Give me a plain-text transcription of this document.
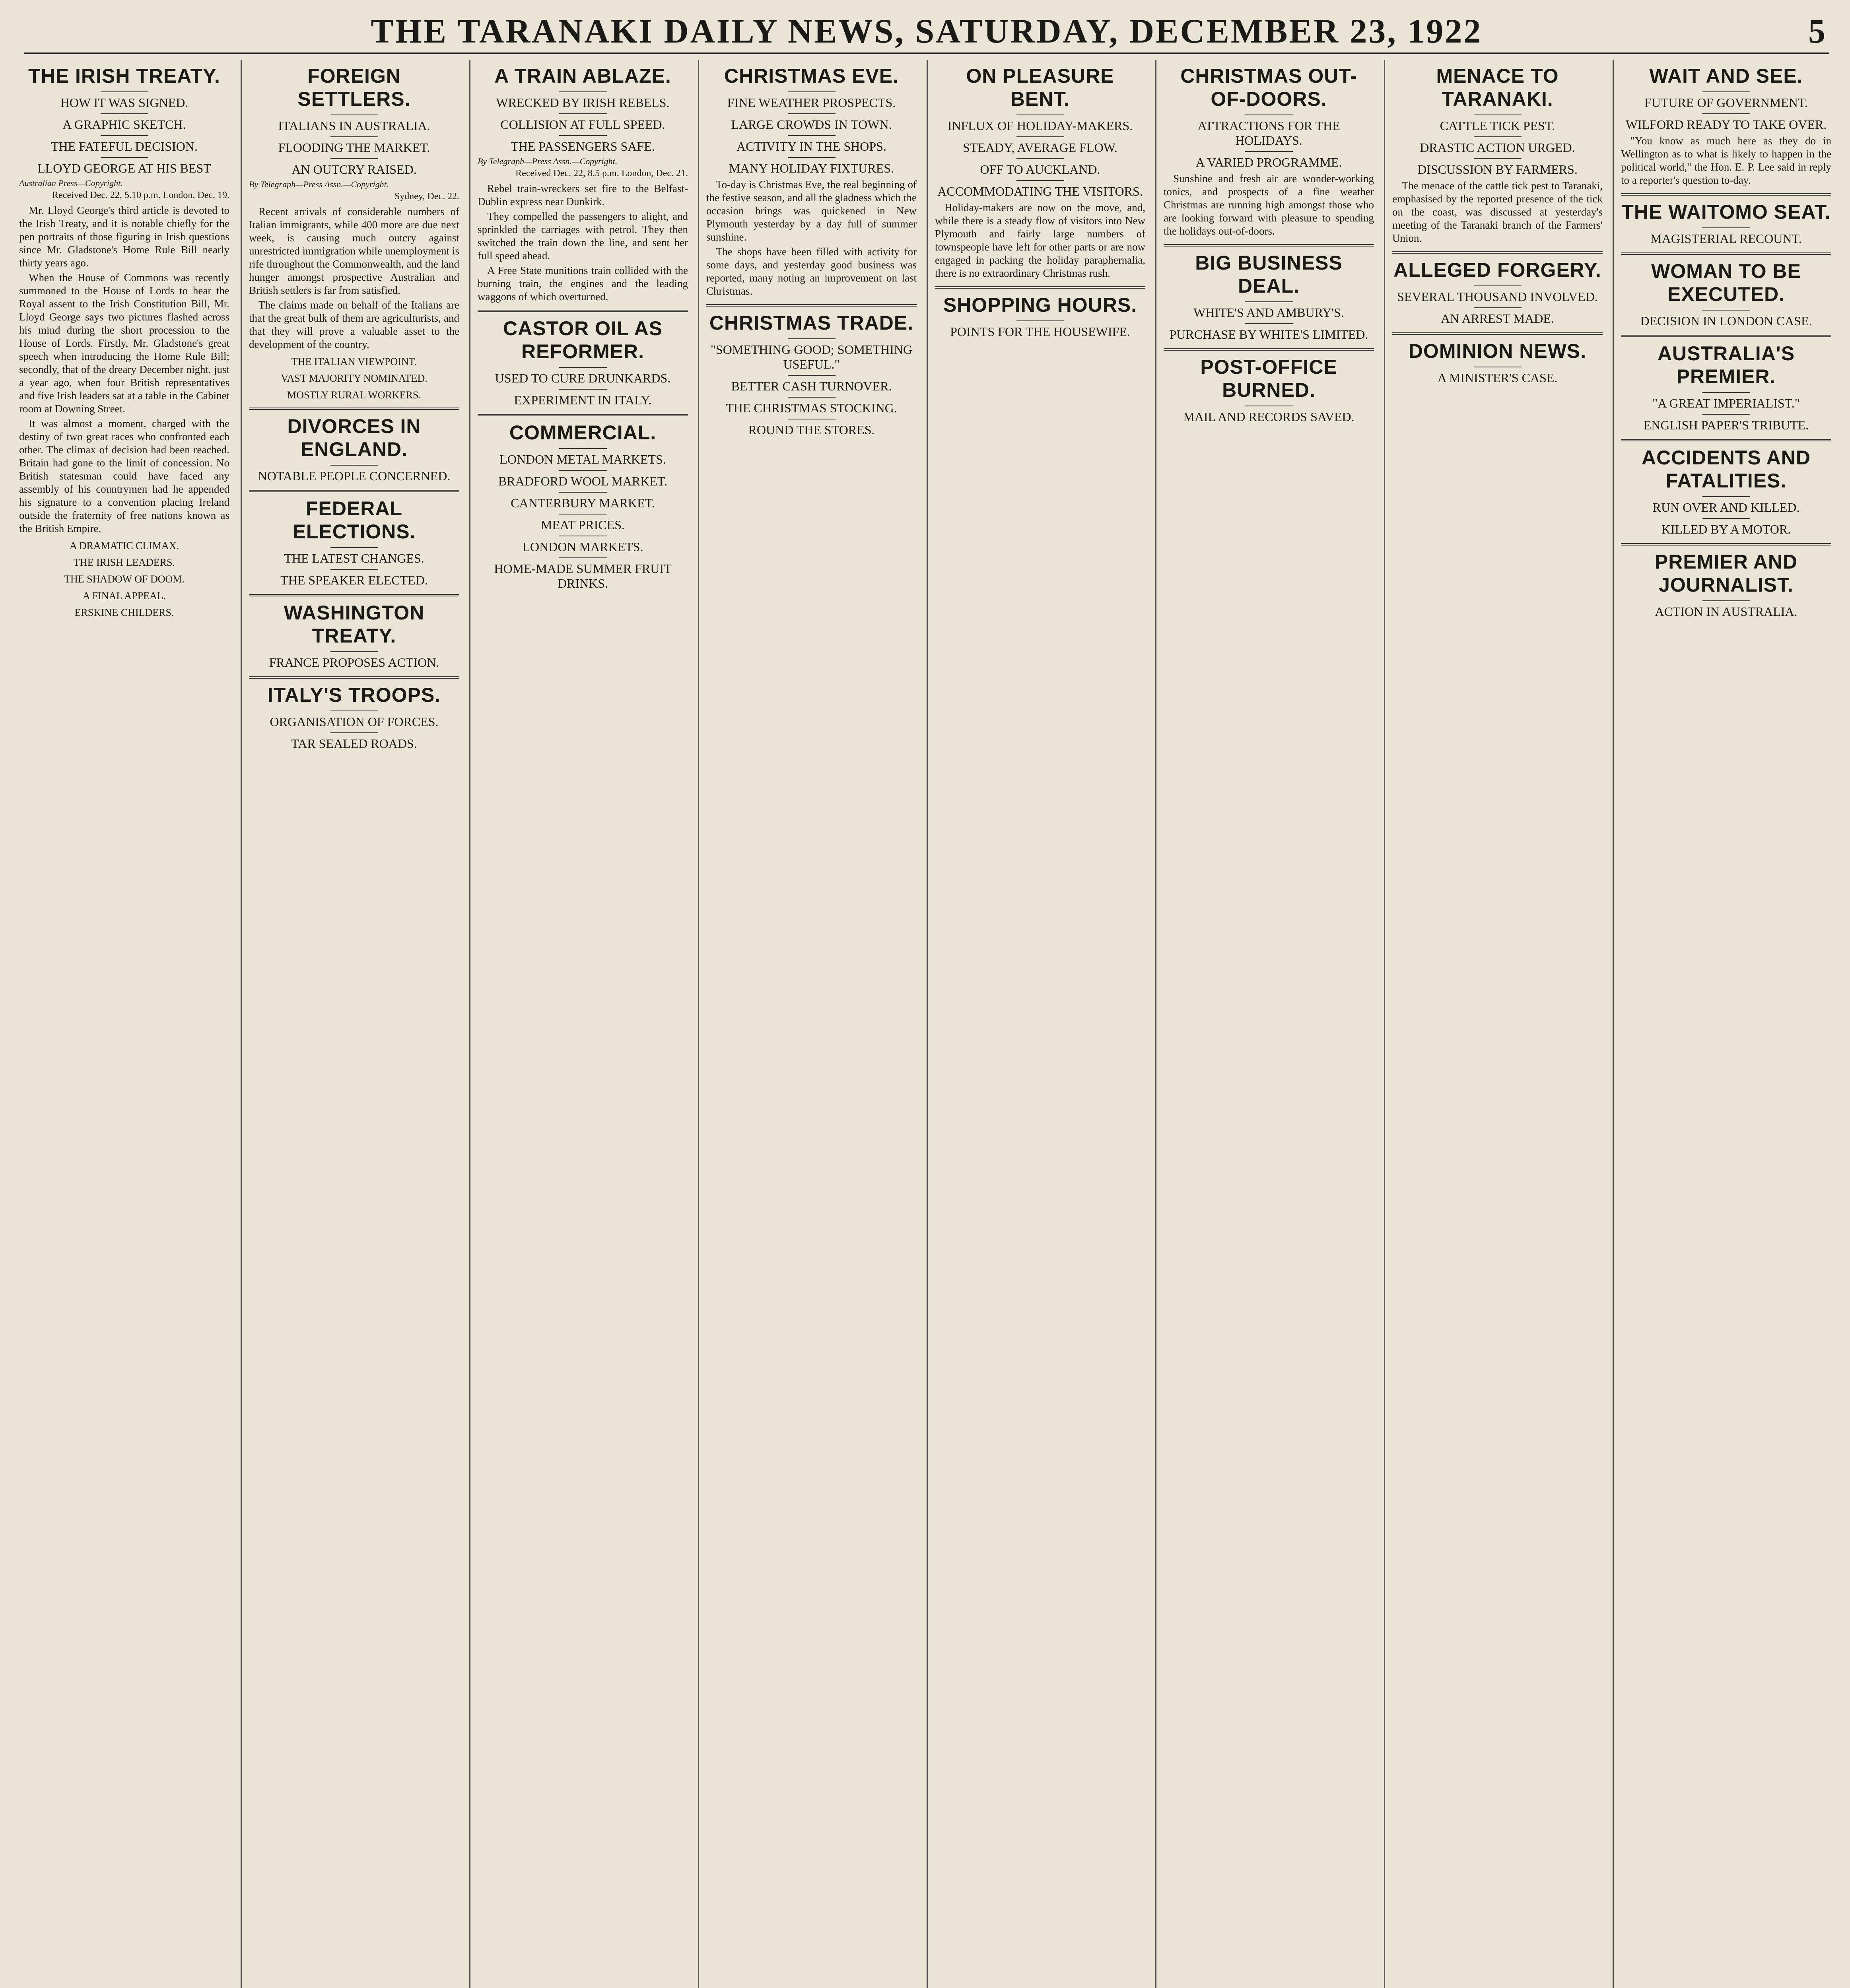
THE TARANAKI DAILY NEWS, SATURDAY, DECEMBER 23, 1922	5
THE IRISH TREATY.
HOW IT WAS SIGNED.
A GRAPHIC SKETCH.
THE FATEFUL DECISION.
LLOYD GEORGE AT HIS BEST
Australian Press—Copyright.
Received Dec. 22, 5.10 p.m. London, Dec. 19.

Mr. Lloyd George's third article is devoted to the Irish Treaty, and it is notable chiefly for the pen portraits of those figuring in Irish questions since Mr. Gladstone's Home Rule Bill nearly thirty years ago.

When the House of Commons was recently summoned to the House of Lords to hear the Royal assent to the Irish Constitution Bill, Mr. Lloyd George says two pictures flashed across his mind during the short procession to the House of Lords. Firstly, Mr. Gladstone's great speech when introducing the Home Rule Bill; secondly, that of the dreary December night, just a year ago, when four British representatives and five Irish leaders sat at a table in the Cabinet room at Downing Street.

It was almost a moment, charged with the destiny of two great races who confronted each other. The climax of decision had been reached. Britain had gone to the limit of concession. No British statesman could have faced any assembly of his countrymen had he appended his signature to a convention placing Ireland outside the fraternity of free nations known as the British Empire.

A DRAMATIC CLIMAX.
THE IRISH LEADERS.
THE SHADOW OF DOOM.
A FINAL APPEAL.
ERSKINE CHILDERS.
FOREIGN SETTLERS.
ITALIANS IN AUSTRALIA.
FLOODING THE MARKET.
AN OUTCRY RAISED.
By Telegraph—Press Assn.—Copyright.
Sydney, Dec. 22.

Recent arrivals of considerable numbers of Italian immigrants, while 400 more are due next week, is causing much outcry against unrestricted immigration while unemployment is rife throughout the Commonwealth, and the land hunger amongst prospective Australian and British settlers is far from satisfied.

The claims made on behalf of the Italians are that the great bulk of them are agriculturists, and that they will prove a valuable asset to the development of the country.

THE ITALIAN VIEWPOINT.
VAST MAJORITY NOMINATED.
MOSTLY RURAL WORKERS.
DIVORCES IN ENGLAND.
NOTABLE PEOPLE CONCERNED.
FEDERAL ELECTIONS.
THE LATEST CHANGES.
THE SPEAKER ELECTED.
WASHINGTON TREATY.
FRANCE PROPOSES ACTION.
ITALY'S TROOPS.
ORGANISATION OF FORCES.
TAR SEALED ROADS.
A TRAIN ABLAZE.
WRECKED BY IRISH REBELS.
COLLISION AT FULL SPEED.
THE PASSENGERS SAFE.
By Telegraph—Press Assn.—Copyright.
Received Dec. 22, 8.5 p.m. London, Dec. 21.

Rebel train-wreckers set fire to the Belfast-Dublin express near Dunkirk.

They compelled the passengers to alight, and sprinkled the carriages with petrol. They then switched the train down the line, and sent her full speed ahead.

A Free State munitions train collided with the burning train, the engines and the leading waggons of which overturned.

CASTOR OIL AS REFORMER.
USED TO CURE DRUNKARDS.
EXPERIMENT IN ITALY.
COMMERCIAL.
LONDON METAL MARKETS.
BRADFORD WOOL MARKET.
CANTERBURY MARKET.
MEAT PRICES.
LONDON MARKETS.
HOME-MADE SUMMER FRUIT DRINKS.
CHRISTMAS EVE.
FINE WEATHER PROSPECTS.
LARGE CROWDS IN TOWN.
ACTIVITY IN THE SHOPS.
MANY HOLIDAY FIXTURES.

To-day is Christmas Eve, the real beginning of the festive season, and all the gladness which the occasion brings was quickened in New Plymouth yesterday by a day full of summer sunshine.

The shops have been filled with activity for some days, and yesterday good business was reported, many noting an improvement on last Christmas.

CHRISTMAS TRADE.
"SOMETHING GOOD; SOMETHING USEFUL."
BETTER CASH TURNOVER.
THE CHRISTMAS STOCKING.
ROUND THE STORES.
ON PLEASURE BENT.
INFLUX OF HOLIDAY-MAKERS.
STEADY, AVERAGE FLOW.
OFF TO AUCKLAND.
ACCOMMODATING THE VISITORS.

Holiday-makers are now on the move, and, while there is a steady flow of visitors into New Plymouth and fairly large numbers of townspeople have left for other parts or are now engaged in packing the holiday paraphernalia, there is no extraordinary Christmas rush.

SHOPPING HOURS.
POINTS FOR THE HOUSEWIFE.
CHRISTMAS OUT-OF-DOORS.
ATTRACTIONS FOR THE HOLIDAYS.
A VARIED PROGRAMME.

Sunshine and fresh air are wonder-working tonics, and prospects of a fine weather Christmas are running high amongst those who are looking forward with pleasure to spending the holidays out-of-doors.

BIG BUSINESS DEAL.
WHITE'S AND AMBURY'S.
PURCHASE BY WHITE'S LIMITED.
POST-OFFICE BURNED.
MAIL AND RECORDS SAVED.
MENACE TO TARANAKI.
CATTLE TICK PEST.
DRASTIC ACTION URGED.
DISCUSSION BY FARMERS.

The menace of the cattle tick pest to Taranaki, emphasised by the reported presence of the tick on the coast, was discussed at yesterday's meeting of the Taranaki branch of the Farmers' Union.

ALLEGED FORGERY.
SEVERAL THOUSAND INVOLVED.
AN ARREST MADE.
DOMINION NEWS.
A MINISTER'S CASE.
WAIT AND SEE.
FUTURE OF GOVERNMENT.
WILFORD READY TO TAKE OVER.

"You know as much here as they do in Wellington as to what is likely to happen in the political world," the Hon. E. P. Lee said in reply to a reporter's question to-day.

THE WAITOMO SEAT.
MAGISTERIAL RECOUNT.
WOMAN TO BE EXECUTED.
DECISION IN LONDON CASE.
AUSTRALIA'S PREMIER.
"A GREAT IMPERIALIST."
ENGLISH PAPER'S TRIBUTE.
ACCIDENTS AND FATALITIES.
RUN OVER AND KILLED.
KILLED BY A MOTOR.
PREMIER AND JOURNALIST.
ACTION IN AUSTRALIA.
